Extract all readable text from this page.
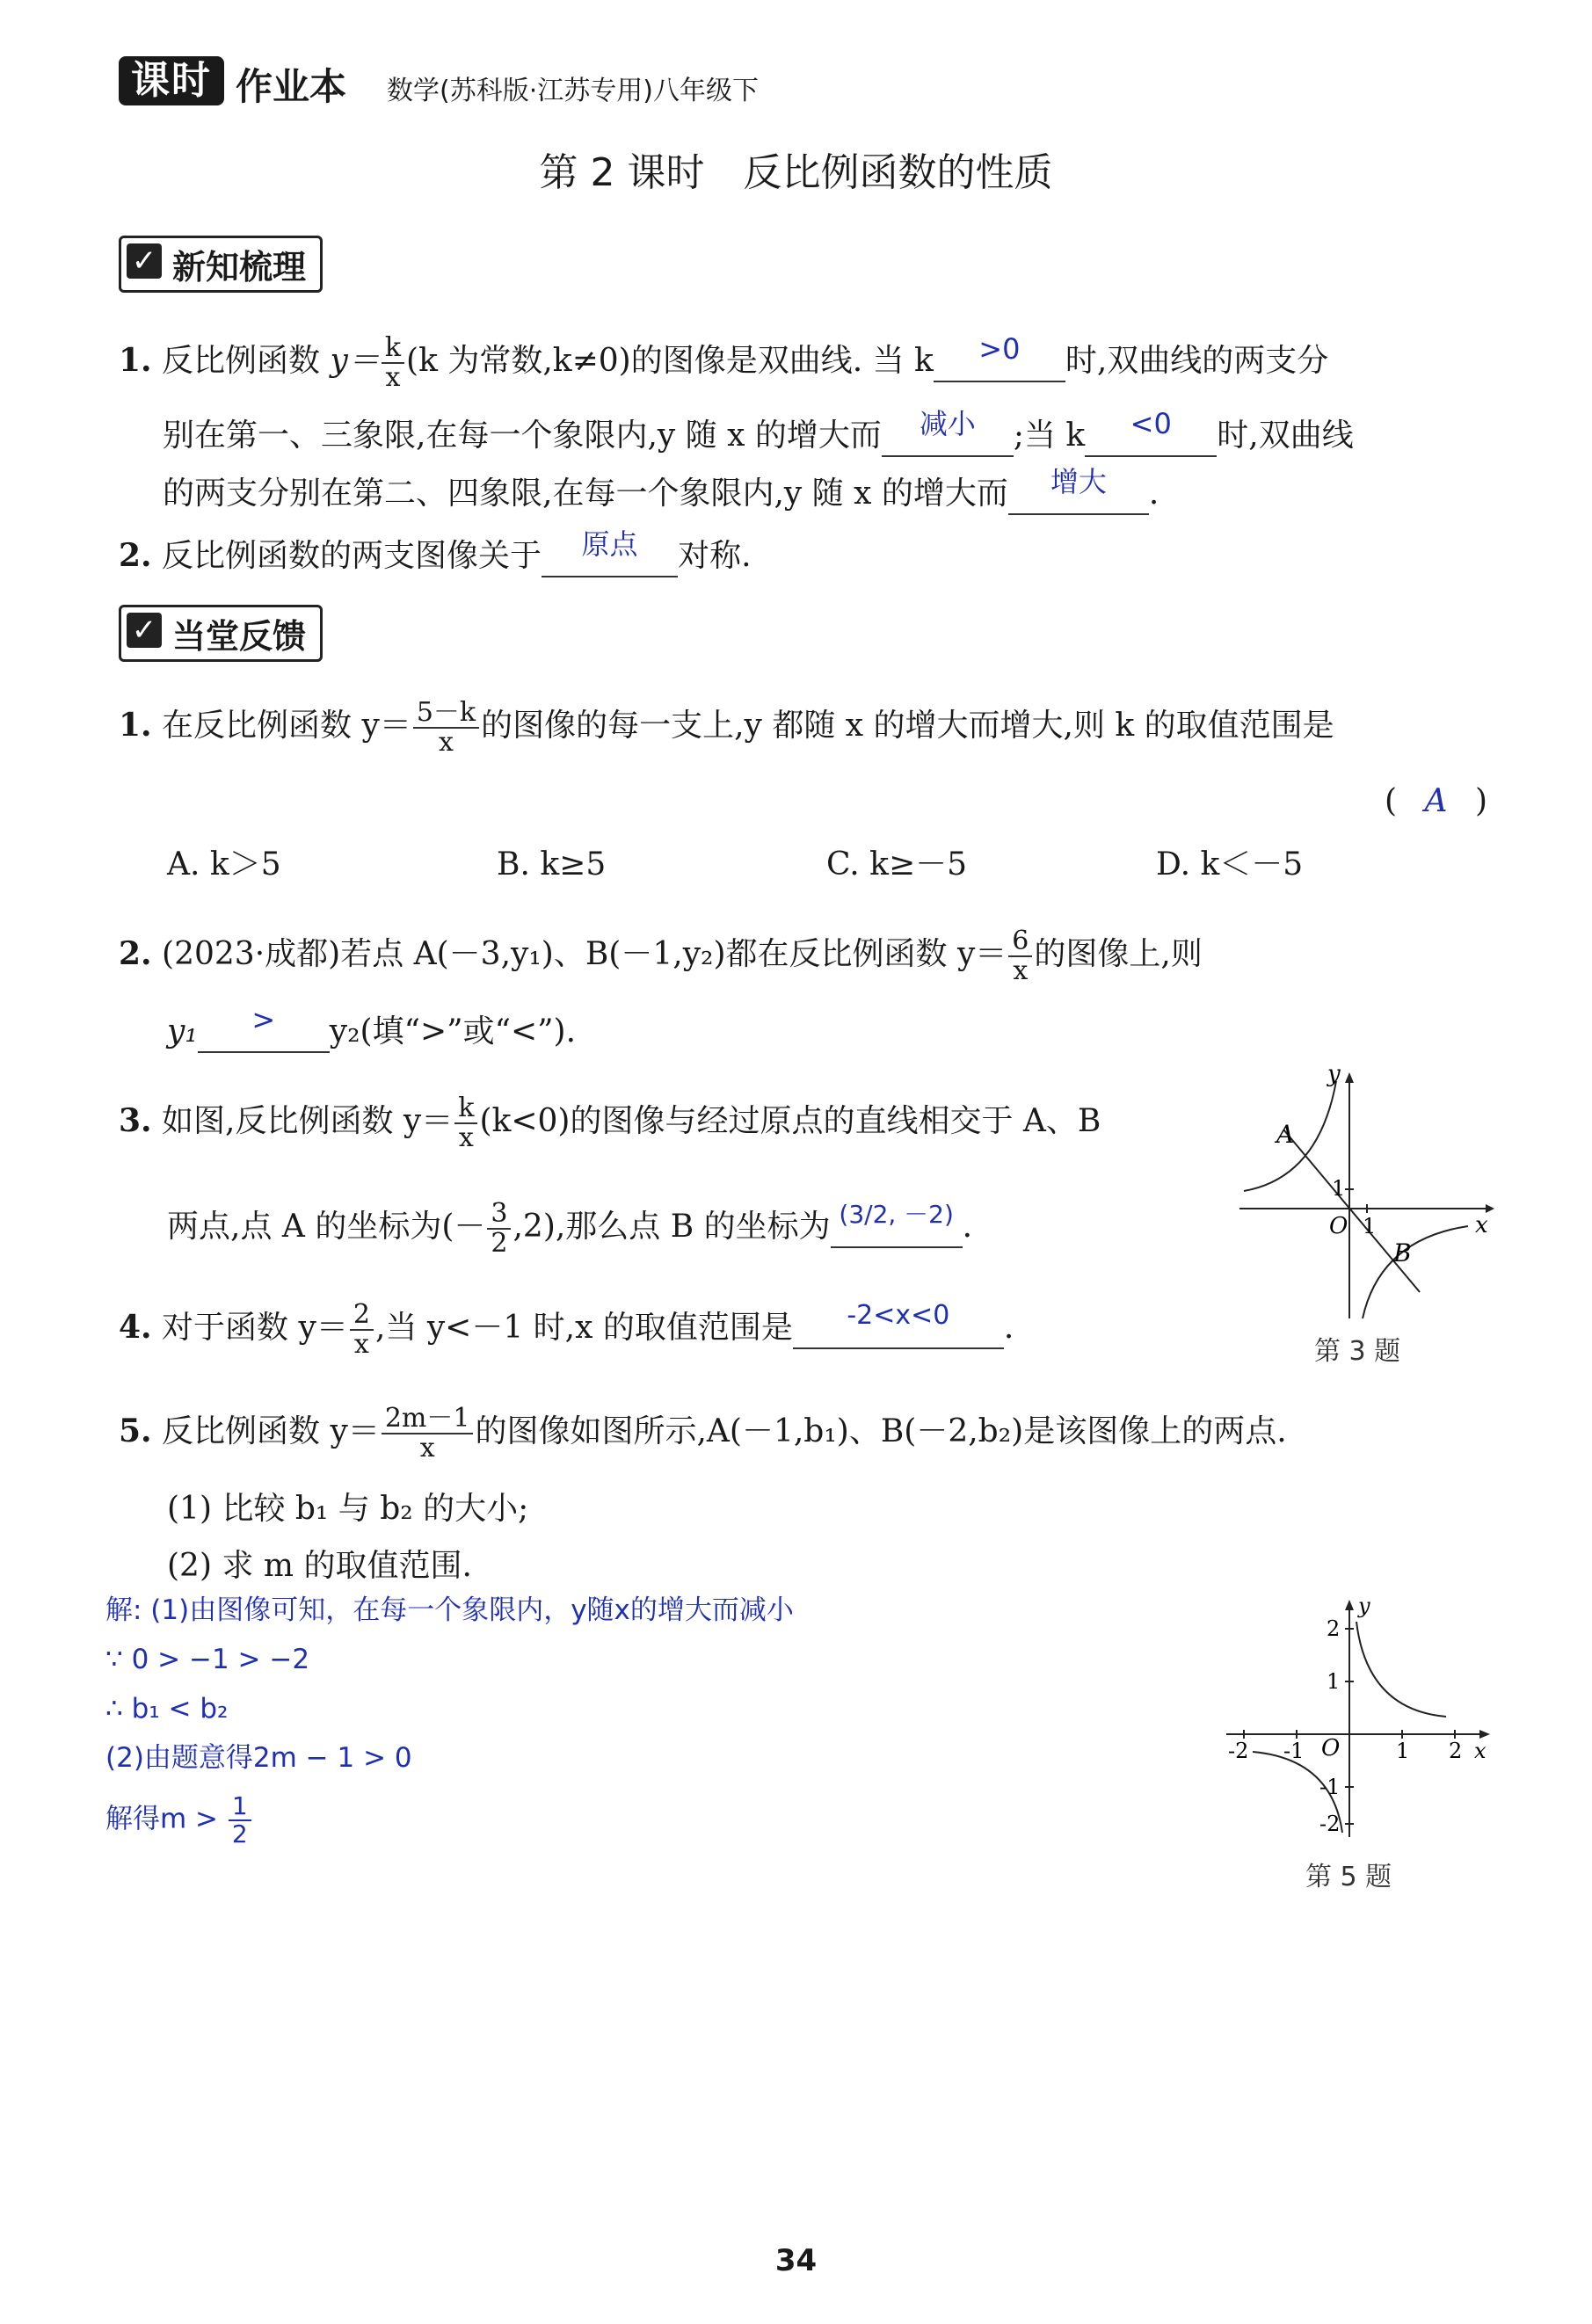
课时 作业本 数学(苏科版·江苏专用)八年级下
第 2 课时　反比例函数的性质
✓ 新知梳理
1. 反比例函数 $y= \frac{k}{x} (k$ 为常数,k≠0)的图像是双曲线. 当 k	>0	时,双曲线的两支分
别在第一、三象限,在每一个象限内,y 随 x 的增大而	减小	;当 k	<0	时,双曲线
的两支分别在第二、四象限,在每一个象限内,y 随 x 的增大而	增大	.
2. 反比例函数的两支图像关于	原点	对称.
✓ 当堂反馈
1. 在反比例函数 $y= \frac{5-k}{x}$ 的图像的每一支上,y 都随 x 的增大而增大,则 k 的取值范围是
( A )
A. k＞5	B. k≥5	C. k≥－5	D. k＜－5
2. (2023·成都)若点 A(－3,y₁)、B(－1,y₂)都在反比例函数 $y= \frac{6}{x}$ 的图像上,则
y₁	>	y₂(填“>”或“<”).
3. 如图,反比例函数 $y= \frac{k}{x} (k<0)$的图像与经过原点的直线相交于 A、B
两点,点 A 的坐标为(－ $\frac{3}{2} ,2$),那么点 B 的坐标为 (3/2, －2) .
4. 对于函数 $y= \frac{2}{x}$ ,当 y<－1 时,x 的取值范围是	-2<x<0	.
5. 反比例函数 $y= \frac{2m-1}{x}$ 的图像如图所示,A(－1,b₁)、B(－2,b₂)是该图像上的两点.
(1) 比较 b₁ 与 b₂ 的大小;
(2) 求 m 的取值范围.
解: (1)由图像可知，在每一个象限内，y随x的增大而减小
∵ 0 > −1 > −2
∴ b₁ < b₂
(2)由题意得2m − 1 > 0
解得$m > \frac{1}{2}$
y
x
A
B
O 1
1
第 3 题
y
x
O
-2 -1	1 2
2
1
-1
-2
第 5 题
34
